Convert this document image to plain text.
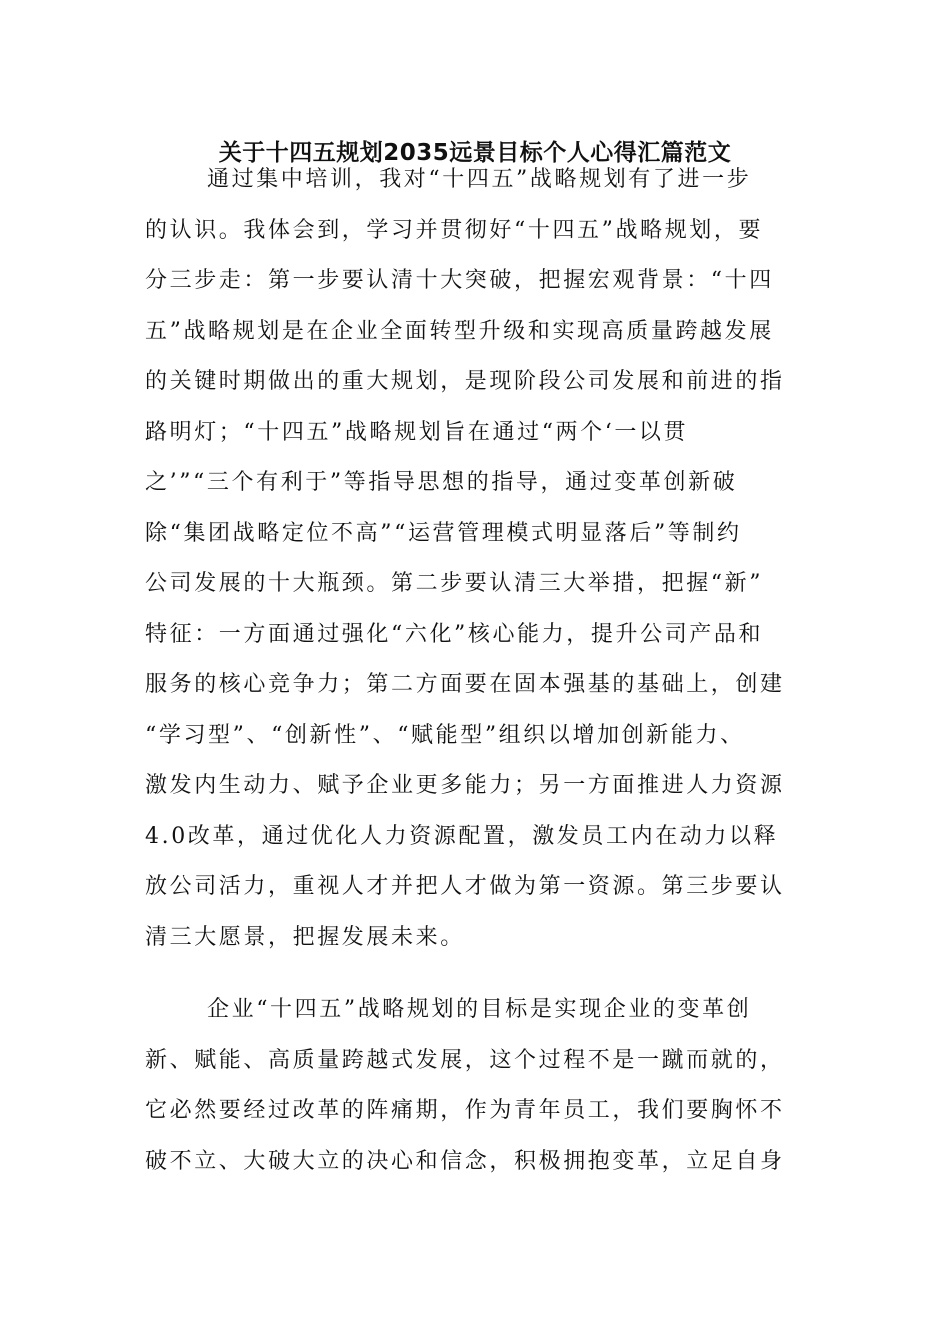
关于十四五规划2035远景目标个人心得汇篇范文
通过集中培训，我对“十四五”战略规划有了进一步
的认识。我体会到，学习并贯彻好“十四五”战略规划，要
分三步走：第一步要认清十大突破，把握宏观背景：“十四
五”战略规划是在企业全面转型升级和实现高质量跨越发展
的关键时期做出的重大规划，是现阶段公司发展和前进的指
路明灯；“十四五”战略规划旨在通过“两个‘一以贯
之’”“三个有利于”等指导思想的指导，通过变革创新破
除“集团战略定位不高”“运营管理模式明显落后”等制约
公司发展的十大瓶颈。第二步要认清三大举措，把握“新”
特征：一方面通过强化“六化”核心能力，提升公司产品和
服务的核心竞争力；第二方面要在固本强基的基础上，创建
“学习型”、“创新性”、“赋能型”组织以增加创新能力、
激发内生动力、赋予企业更多能力；另一方面推进人力资源
4.0改革，通过优化人力资源配置，激发员工内在动力以释
放公司活力，重视人才并把人才做为第一资源。第三步要认
清三大愿景，把握发展未来。
企业“十四五”战略规划的目标是实现企业的变革创
新、赋能、高质量跨越式发展，这个过程不是一蹴而就的，
它必然要经过改革的阵痛期，作为青年员工，我们要胸怀不
破不立、大破大立的决心和信念，积极拥抱变革，立足自身
